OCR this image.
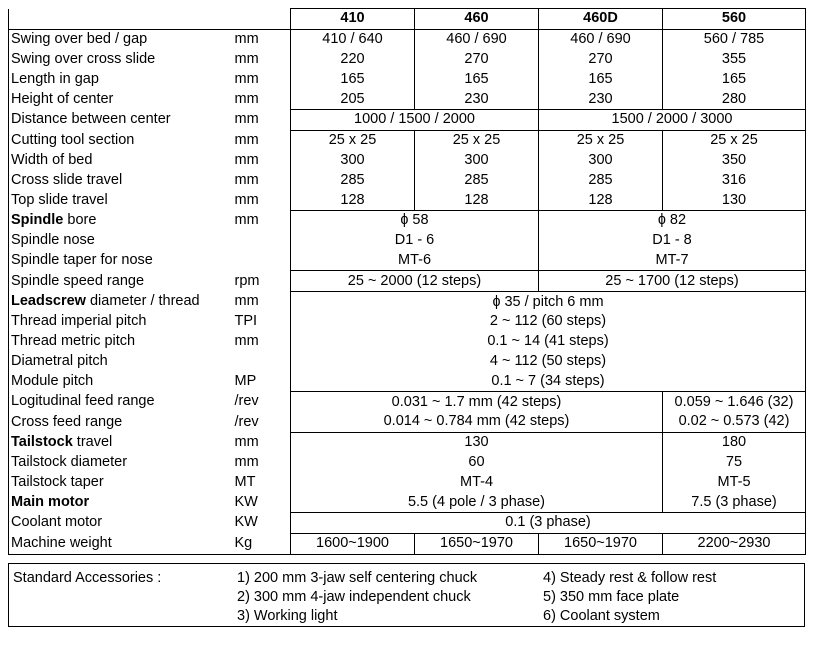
		410	460	460D	560
Swing over bed / gap	mm	410 / 640	460 / 690	460 / 690	560 / 785
Swing over cross slide	mm	220	270	270	355
Length in gap	mm	165	165	165	165
Height of center	mm	205	230	230	280
Distance between center	mm	1000 / 1500 / 2000		1500 / 2000 / 3000	
Cutting tool section	mm	25 x 25	25 x 25	25 x 25	25 x 25
Width of bed	mm	300	300	300	350
Cross slide travel	mm	285	285	285	316
Top slide travel	mm	128	128	128	130
Spindle bore	mm	ɸ 58		ɸ 82	
Spindle nose		D1 - 6		D1 - 8	
Spindle taper for nose		MT-6		MT-7	
Spindle speed range	rpm	25 ~ 2000 (12 steps)		25 ~ 1700 (12 steps)	
Leadscrew diameter / thread	mm	ɸ 35 / pitch 6 mm			
Thread imperial pitch	TPI	2 ~ 112 (60 steps)			
Thread metric pitch	mm	0.1 ~ 14 (41 steps)			
Diametral pitch		4 ~ 112 (50 steps)			
Module pitch	MP	0.1 ~ 7 (34 steps)			
Logitudinal feed range	/rev	0.031 ~ 1.7 mm (42 steps)			0.059 ~ 1.646 (32)
Cross feed range	/rev	0.014 ~ 0.784 mm (42 steps)			0.02 ~ 0.573 (42)
Tailstock travel	mm	130			180
Tailstock diameter	mm	60			75
Tailstock taper	MT	MT-4			MT-5
Main motor	KW	5.5 (4 pole / 3 phase)			7.5 (3 phase)
Coolant motor	KW	0.1 (3 phase)			
Machine weight	Kg	1600~1900	1650~1970	1650~1970	2200~2930
Standard Accessories :	1) 200 mm 3-jaw self centering chuck
2) 300 mm 4-jaw independent chuck
3) Working light
4) Steady rest & follow rest
5) 350 mm face plate
6) Coolant system
